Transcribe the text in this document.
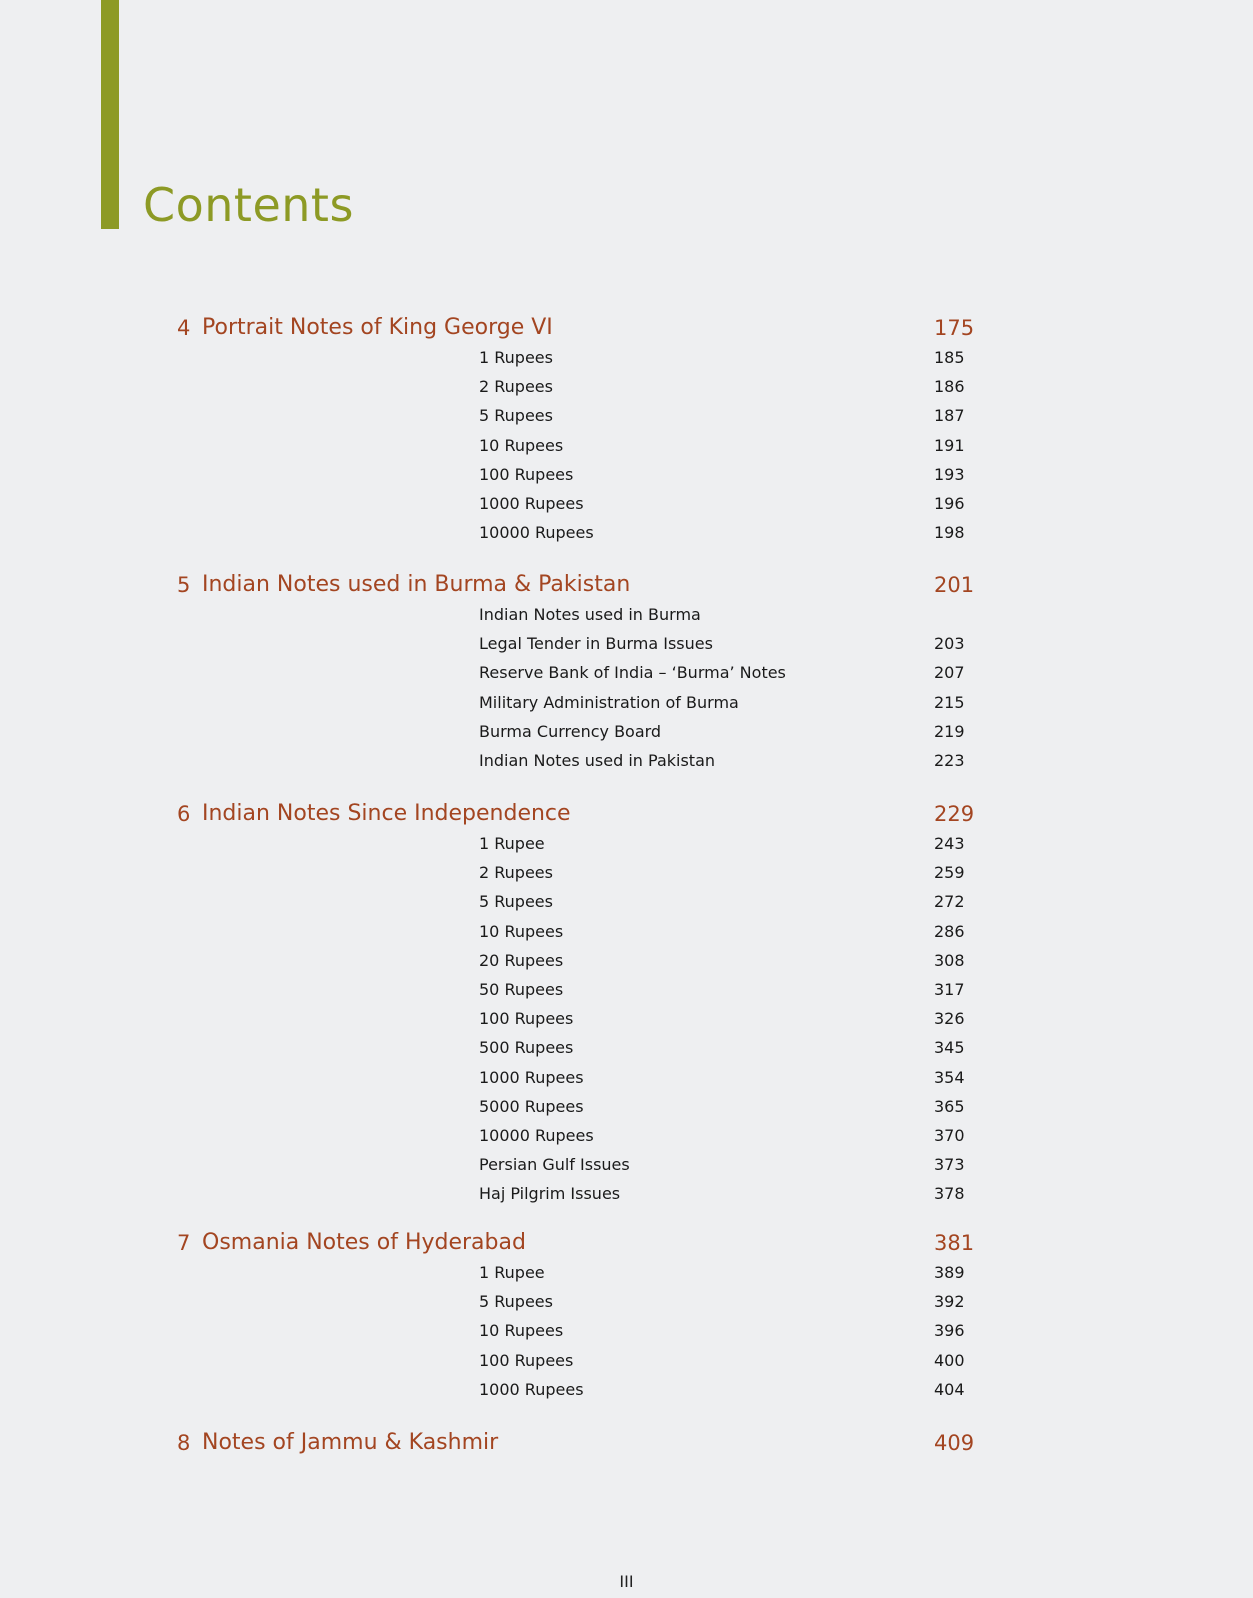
Contents
4 Portrait Notes of King George VI	175
1 Rupees	185
2 Rupees	186
5 Rupees	187
10 Rupees	191
100 Rupees	193
1000 Rupees	196
10000 Rupees	198
5 Indian Notes used in Burma & Pakistan	201
Indian Notes used in Burma
Legal Tender in Burma Issues	203
Reserve Bank of India – ‘Burma’ Notes	207
Military Administration of Burma	215
Burma Currency Board	219
Indian Notes used in Pakistan	223
6 Indian Notes Since Independence	229
1 Rupee	243
2 Rupees	259
5 Rupees	272
10 Rupees	286
20 Rupees	308
50 Rupees	317
100 Rupees	326
500 Rupees	345
1000 Rupees	354
5000 Rupees	365
10000 Rupees	370
Persian Gulf Issues	373
Haj Pilgrim Issues	378
7 Osmania Notes of Hyderabad	381
1 Rupee	389
5 Rupees	392
10 Rupees	396
100 Rupees	400
1000 Rupees	404
8 Notes of Jammu & Kashmir	409
III
